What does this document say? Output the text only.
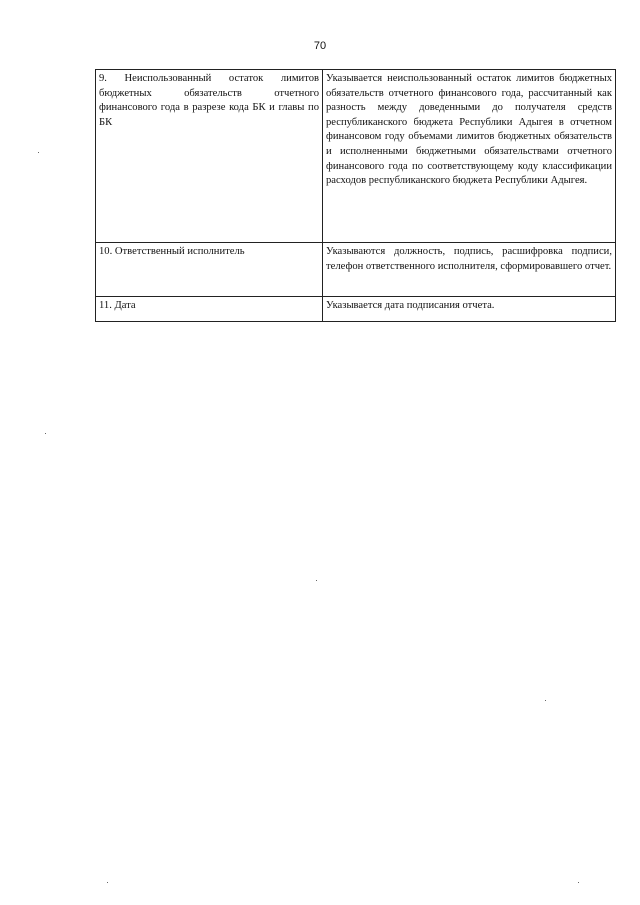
70
9. Неиспользованный остаток лимитов бюджетных обязательств отчетного финансового года в разрезе кода БК и главы по БК	Указывается неиспользованный остаток лимитов бюджетных обязательств отчетного финансового года, рассчитанный как разность между доведенными до получателя средств республиканского бюджета Республики Адыгея в отчетном финансовом году объемами лимитов бюджетных обязательств и исполненными бюджетными обязательствами отчетного финансового года по соответствующему коду классификации расходов республиканского бюджета Республики Адыгея.
10. Ответственный исполнитель	Указываются должность, подпись, расшифровка подписи, телефон ответственного исполнителя, сформировавшего отчет.
11. Дата	Указывается дата подписания отчета.
